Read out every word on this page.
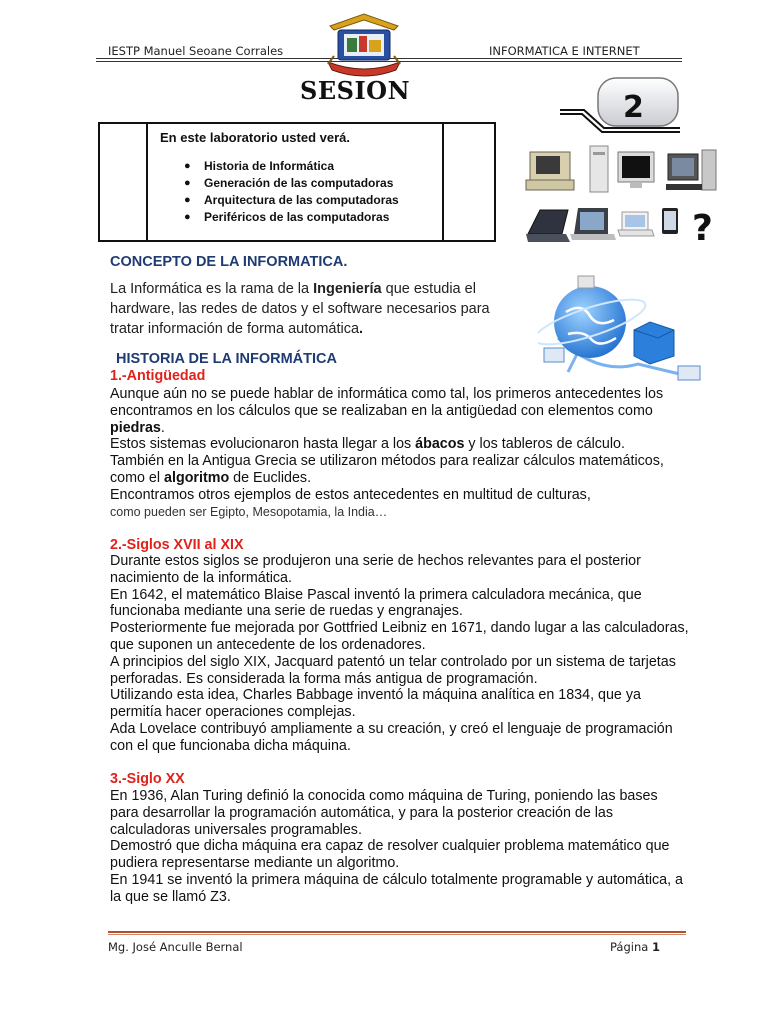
IESTP Manuel Seoane Corrales	INFORMATICA E INTERNET
SESION	2
En este laboratorio usted verá.
● Historia de Informática
● Generación de las computadoras
● Arquitectura de las computadoras
● Periféricos de las computadoras	?
CONCEPTO DE LA INFORMATICA.
La Informática es la rama de la Ingeniería que estudia el hardware, las redes de datos y el software necesarios para tratar información de forma automática.
HISTORIA DE LA INFORMÁTICA
1.-Antigüedad

Aunque aún no se puede hablar de informática como tal, los primeros antecedentes los encontramos en los cálculos que se realizaban en la antigüedad con elementos como piedras.

Estos sistemas evolucionaron hasta llegar a los ábacos y los tableros de cálculo.

También en la Antigua Grecia se utilizaron métodos para realizar cálculos matemáticos, como el algoritmo de Euclides.

Encontramos otros ejemplos de estos antecedentes en multitud de culturas,

como pueden ser Egipto, Mesopotamia, la India…

2.-Siglos XVII al XIX

Durante estos siglos se produjeron una serie de hechos relevantes para el posterior nacimiento de la informática.

En 1642, el matemático Blaise Pascal inventó la primera calculadora mecánica, que funcionaba mediante una serie de ruedas y engranajes.

Posteriormente fue mejorada por Gottfried Leibniz en 1671, dando lugar a las calculadoras, que suponen un antecedente de los ordenadores.

A principios del siglo XIX, Jacquard patentó un telar controlado por un sistema de tarjetas perforadas. Es considerada la forma más antigua de programación.

Utilizando esta idea, Charles Babbage inventó la máquina analítica en 1834, que ya permitía hacer operaciones complejas.

Ada Lovelace contribuyó ampliamente a su creación, y creó el lenguaje de programación con el que funcionaba dicha máquina.

3.-Siglo XX

En 1936, Alan Turing definió la conocida como máquina de Turing, poniendo las bases para desarrollar la programación automática, y para la posterior creación de las calculadoras universales programables.

Demostró que dicha máquina era capaz de resolver cualquier problema matemático que pudiera representarse mediante un algoritmo.

En 1941 se inventó la primera máquina de cálculo totalmente programable y automática, a la que se llamó Z3.

Mg. José Anculle Bernal	Página 1
